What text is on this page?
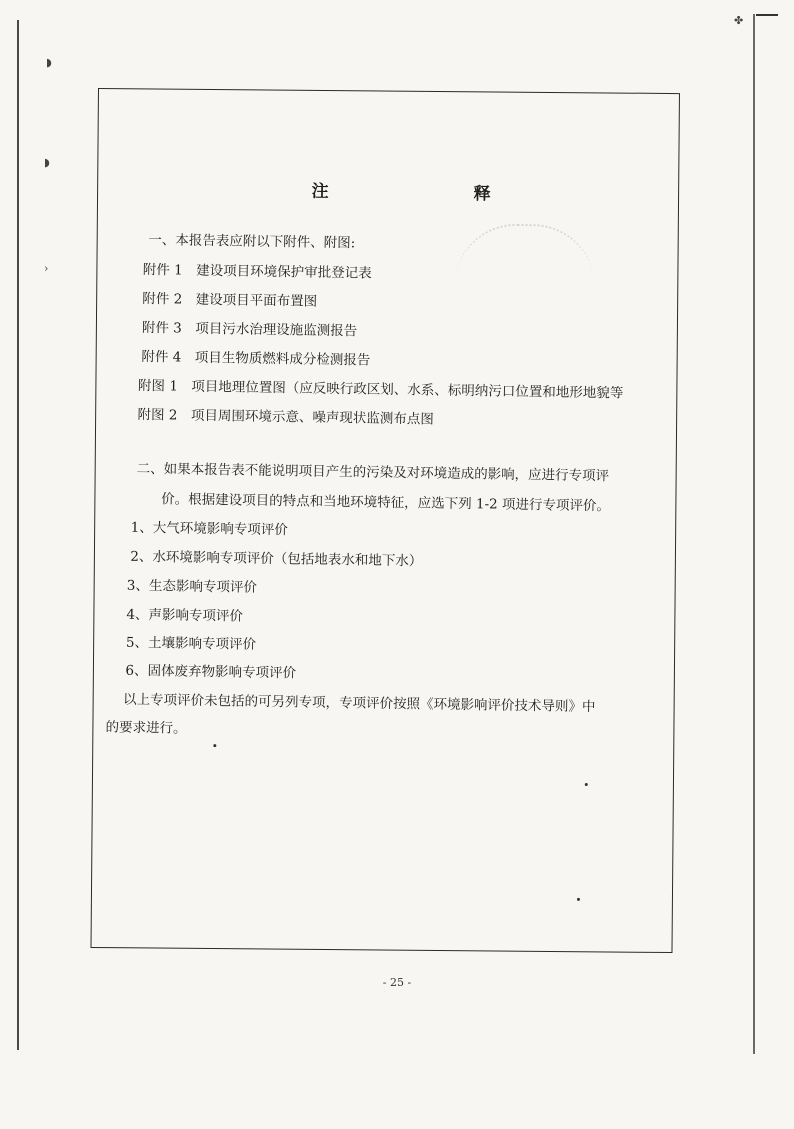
◗
◗
›
✤
注　释
一、本报告表应附以下附件、附图:
附件 1　建设项目环境保护审批登记表
附件 2　建设项目平面布置图
附件 3　项目污水治理设施监测报告
附件 4　项目生物质燃料成分检测报告
附图 1　项目地理位置图（应反映行政区划、水系、标明纳污口位置和地形地貌等
附图 2　项目周围环境示意、噪声现状监测布点图
二、如果本报告表不能说明项目产生的污染及对环境造成的影响，应进行专项评
价。根据建设项目的特点和当地环境特征，应选下列 1-2 项进行专项评价。
1、大气环境影响专项评价
2、水环境影响专项评价（包括地表水和地下水）
3、生态影响专项评价
4、声影响专项评价
5、土壤影响专项评价
6、固体废弃物影响专项评价
以上专项评价未包括的可另列专项，专项评价按照《环境影响评价技术导则》中
的要求进行。
- 25 -
